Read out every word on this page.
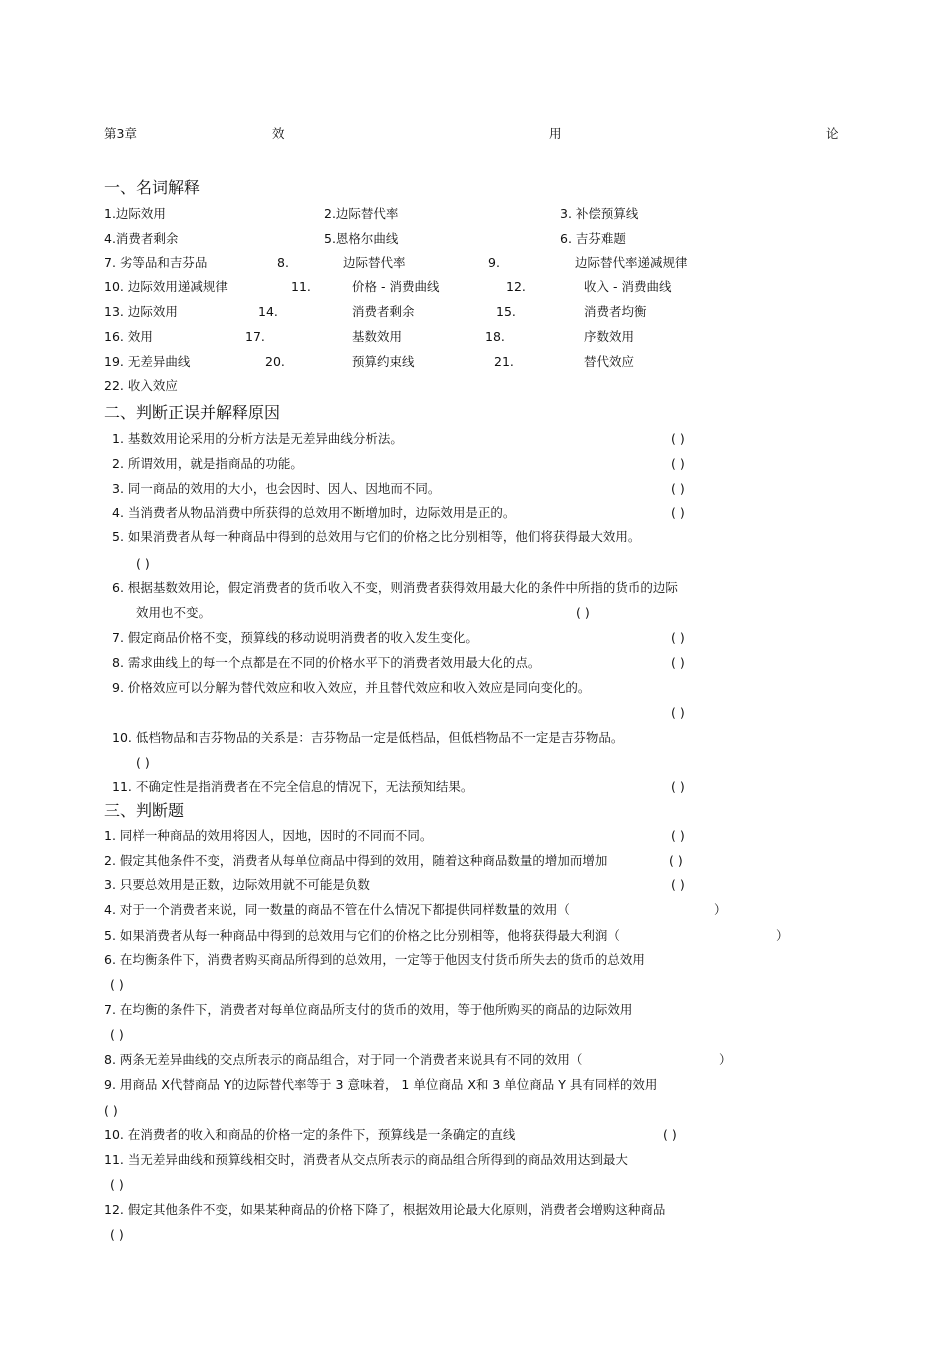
第3章	效	用	论
一、名词解释
1.边际效用	2.边际替代率	3. 补偿预算线
4.消费者剩余	5.恩格尔曲线	6. 吉芬难题
7. 劣等品和吉芬品	8.	边际替代率	9.	边际替代率递减规律
10. 边际效用递减规律	11.	价格 - 消费曲线	12.	收入 - 消费曲线
13. 边际效用	14.	消费者剩余	15.	消费者均衡
16. 效用	17.	基数效用	18.	序数效用
19. 无差异曲线	20.	预算约束线	21.	替代效应
22. 收入效应
二、判断正误并解释原因
1. 基数效用论采用的分析方法是无差异曲线分析法。	( )
2. 所谓效用，就是指商品的功能。	( )
3. 同一商品的效用的大小，也会因时、因人、因地而不同。	( )
4. 当消费者从物品消费中所获得的总效用不断增加时，边际效用是正的。	( )
5. 如果消费者从每一种商品中得到的总效用与它们的价格之比分别相等，他们将获得最大效用。
( )
6. 根据基数效用论，假定消费者的货币收入不变，则消费者获得效用最大化的条件中所指的货币的边际
效用也不变。	( )
7. 假定商品价格不变，预算线的移动说明消费者的收入发生变化。	( )
8. 需求曲线上的每一个点都是在不同的价格水平下的消费者效用最大化的点。	( )
9. 价格效应可以分解为替代效应和收入效应，并且替代效应和收入效应是同向变化的。
( )
10. 低档物品和吉芬物品的关系是：吉芬物品一定是低档品，但低档物品不一定是吉芬物品。
( )
11. 不确定性是指消费者在不完全信息的情况下，无法预知结果。	( )
三、判断题
1. 同样一种商品的效用将因人，因地，因时的不同而不同。	( )
2. 假定其他条件不变，消费者从每单位商品中得到的效用，随着这种商品数量的增加而增加	( )
3. 只要总效用是正数，边际效用就不可能是负数	( )
4. 对于一个消费者来说，同一数量的商品不管在什么情况下都提供同样数量的效用（	）
5. 如果消费者从每一种商品中得到的总效用与它们的价格之比分别相等，他将获得最大利润（	）
6. 在均衡条件下，消费者购买商品所得到的总效用，一定等于他因支付货币所失去的货币的总效用
( )
7. 在均衡的条件下，消费者对每单位商品所支付的货币的效用，等于他所购买的商品的边际效用
( )
8. 两条无差异曲线的交点所表示的商品组合，对于同一个消费者来说具有不同的效用（	）
9. 用商品 X代替商品 Y的边际替代率等于 3 意味着， 1 单位商品 X和 3 单位商品 Y 具有同样的效用
( )
10. 在消费者的收入和商品的价格一定的条件下，预算线是一条确定的直线	( )
11. 当无差异曲线和预算线相交时，消费者从交点所表示的商品组合所得到的商品效用达到最大
( )
12. 假定其他条件不变，如果某种商品的价格下降了，根据效用论最大化原则，消费者会增购这种商品
( )
